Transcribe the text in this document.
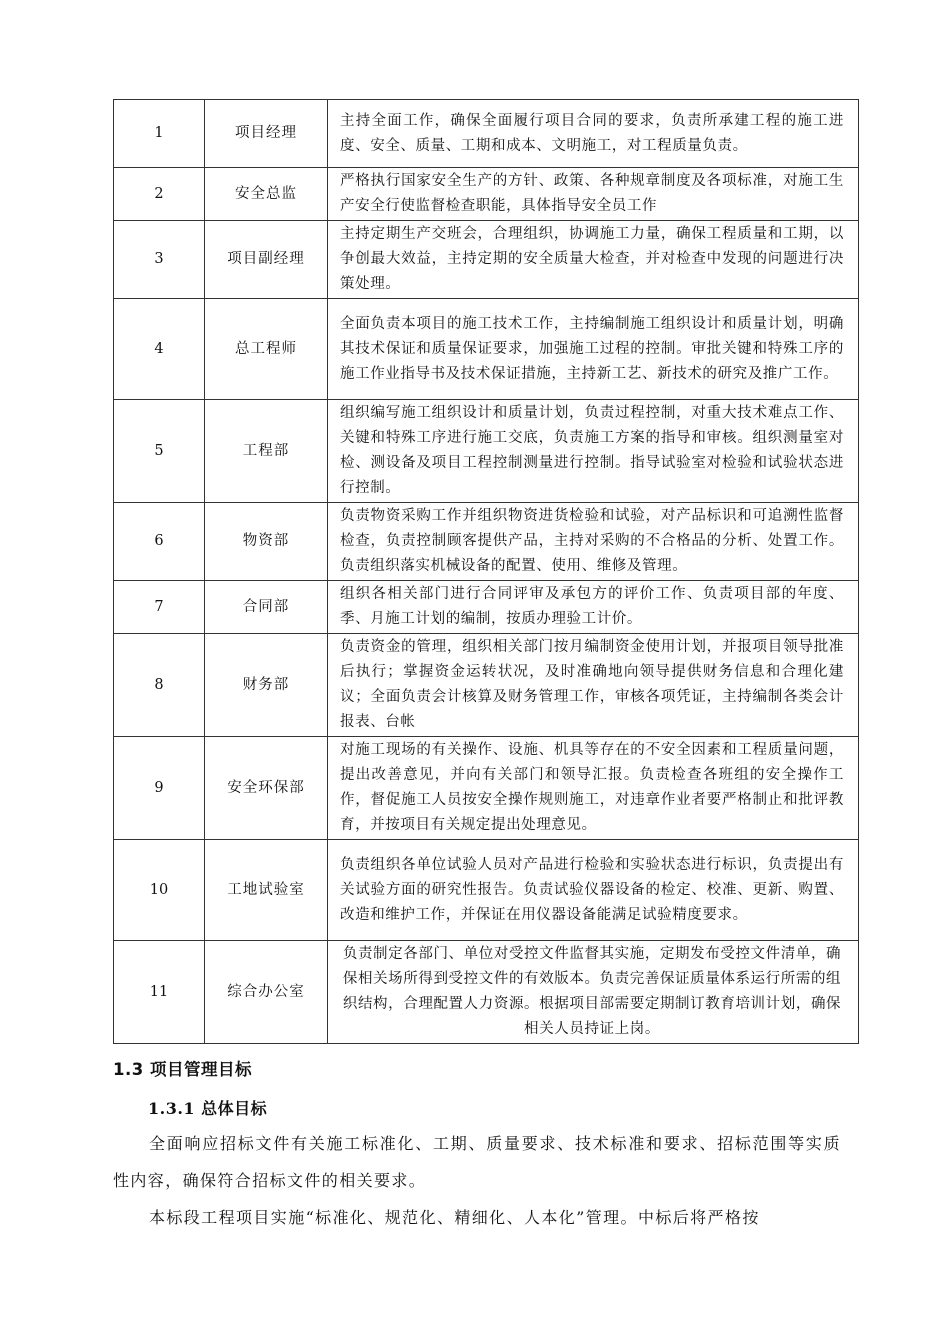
1	项目经理	主持全面工作，确保全面履行项目合同的要求，负责所承建工程的施工进度、安全、质量、工期和成本、文明施工，对工程质量负责。
2	安全总监	严格执行国家安全生产的方针、政策、各种规章制度及各项标准，对施工生产安全行使监督检查职能，具体指导安全员工作
3	项目副经理	主持定期生产交班会，合理组织，协调施工力量，确保工程质量和工期，以争创最大效益，主持定期的安全质量大检查，并对检查中发现的问题进行决策处理。
4	总工程师	全面负责本项目的施工技术工作，主持编制施工组织设计和质量计划，明确其技术保证和质量保证要求，加强施工过程的控制。审批关键和特殊工序的施工作业指导书及技术保证措施，主持新工艺、新技术的研究及推广工作。
5	工程部	组织编写施工组织设计和质量计划，负责过程控制，对重大技术难点工作、关键和特殊工序进行施工交底，负责施工方案的指导和审核。组织测量室对检、测设备及项目工程控制测量进行控制。指导试验室对检验和试验状态进行控制。
6	物资部	负责物资采购工作并组织物资进货检验和试验，对产品标识和可追溯性监督检查，负责控制顾客提供产品，主持对采购的不合格品的分析、处置工作。负责组织落实机械设备的配置、使用、维修及管理。
7	合同部	组织各相关部门进行合同评审及承包方的评价工作、负责项目部的年度、季、月施工计划的编制，按质办理验工计价。
8	财务部	负责资金的管理，组织相关部门按月编制资金使用计划，并报项目领导批准后执行；掌握资金运转状况，及时准确地向领导提供财务信息和合理化建议；全面负责会计核算及财务管理工作，审核各项凭证，主持编制各类会计报表、台帐
9	安全环保部	对施工现场的有关操作、设施、机具等存在的不安全因素和工程质量问题，提出改善意见，并向有关部门和领导汇报。负责检查各班组的安全操作工作，督促施工人员按安全操作规则施工，对违章作业者要严格制止和批评教育，并按项目有关规定提出处理意见。
10	工地试验室	负责组织各单位试验人员对产品进行检验和实验状态进行标识，负责提出有关试验方面的研究性报告。负责试验仪器设备的检定、校准、更新、购置、改造和维护工作，并保证在用仪器设备能满足试验精度要求。
11	综合办公室	负责制定各部门、单位对受控文件监督其实施，定期发布受控文件清单，确保相关场所得到受控文件的有效版本。负责完善保证质量体系运行所需的组织结构，合理配置人力资源。根据项目部需要定期制订教育培训计划，确保相关人员持证上岗。
1.3 项目管理目标
1.3.1 总体目标
全面响应招标文件有关施工标准化、工期、质量要求、技术标准和要求、招标范围等实质性内容，确保符合招标文件的相关要求。
本标段工程项目实施“标准化、规范化、精细化、人本化”管理。中标后将严格按
